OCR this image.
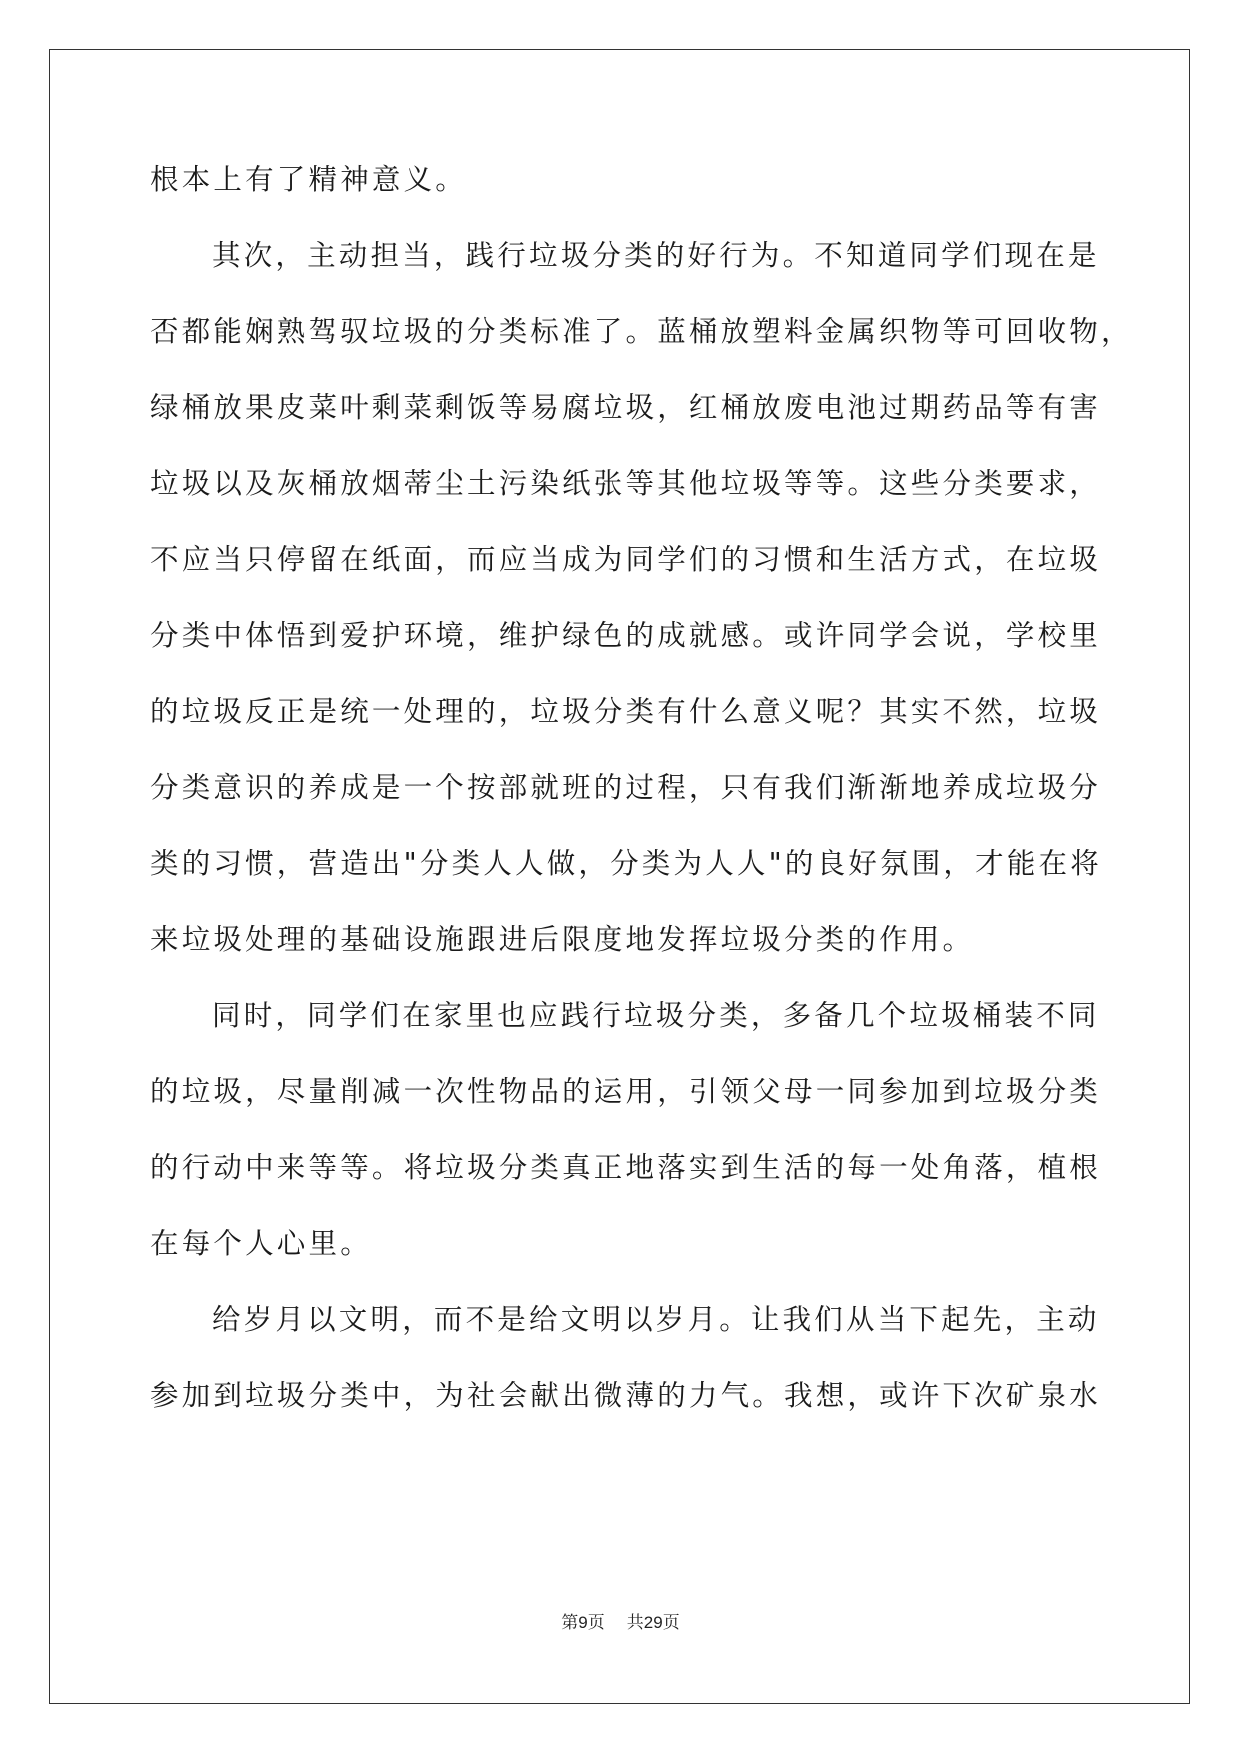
根本上有了精神意义。
其次，主动担当，践行垃圾分类的好行为。不知道同学们现在是
否都能娴熟驾驭垃圾的分类标准了。蓝桶放塑料金属织物等可回收物，
绿桶放果皮菜叶剩菜剩饭等易腐垃圾，红桶放废电池过期药品等有害
垃圾以及灰桶放烟蒂尘土污染纸张等其他垃圾等等。这些分类要求，
不应当只停留在纸面，而应当成为同学们的习惯和生活方式，在垃圾
分类中体悟到爱护环境，维护绿色的成就感。或许同学会说，学校里
的垃圾反正是统一处理的，垃圾分类有什么意义呢？其实不然，垃圾
分类意识的养成是一个按部就班的过程，只有我们渐渐地养成垃圾分
类的习惯，营造出"分类人人做，分类为人人"的良好氛围，才能在将
来垃圾处理的基础设施跟进后限度地发挥垃圾分类的作用。
同时，同学们在家里也应践行垃圾分类，多备几个垃圾桶装不同
的垃圾，尽量削减一次性物品的运用，引领父母一同参加到垃圾分类
的行动中来等等。将垃圾分类真正地落实到生活的每一处角落，植根
在每个人心里。
给岁月以文明，而不是给文明以岁月。让我们从当下起先，主动
参加到垃圾分类中，为社会献出微薄的力气。我想，或许下次矿泉水
第9页 共29页
